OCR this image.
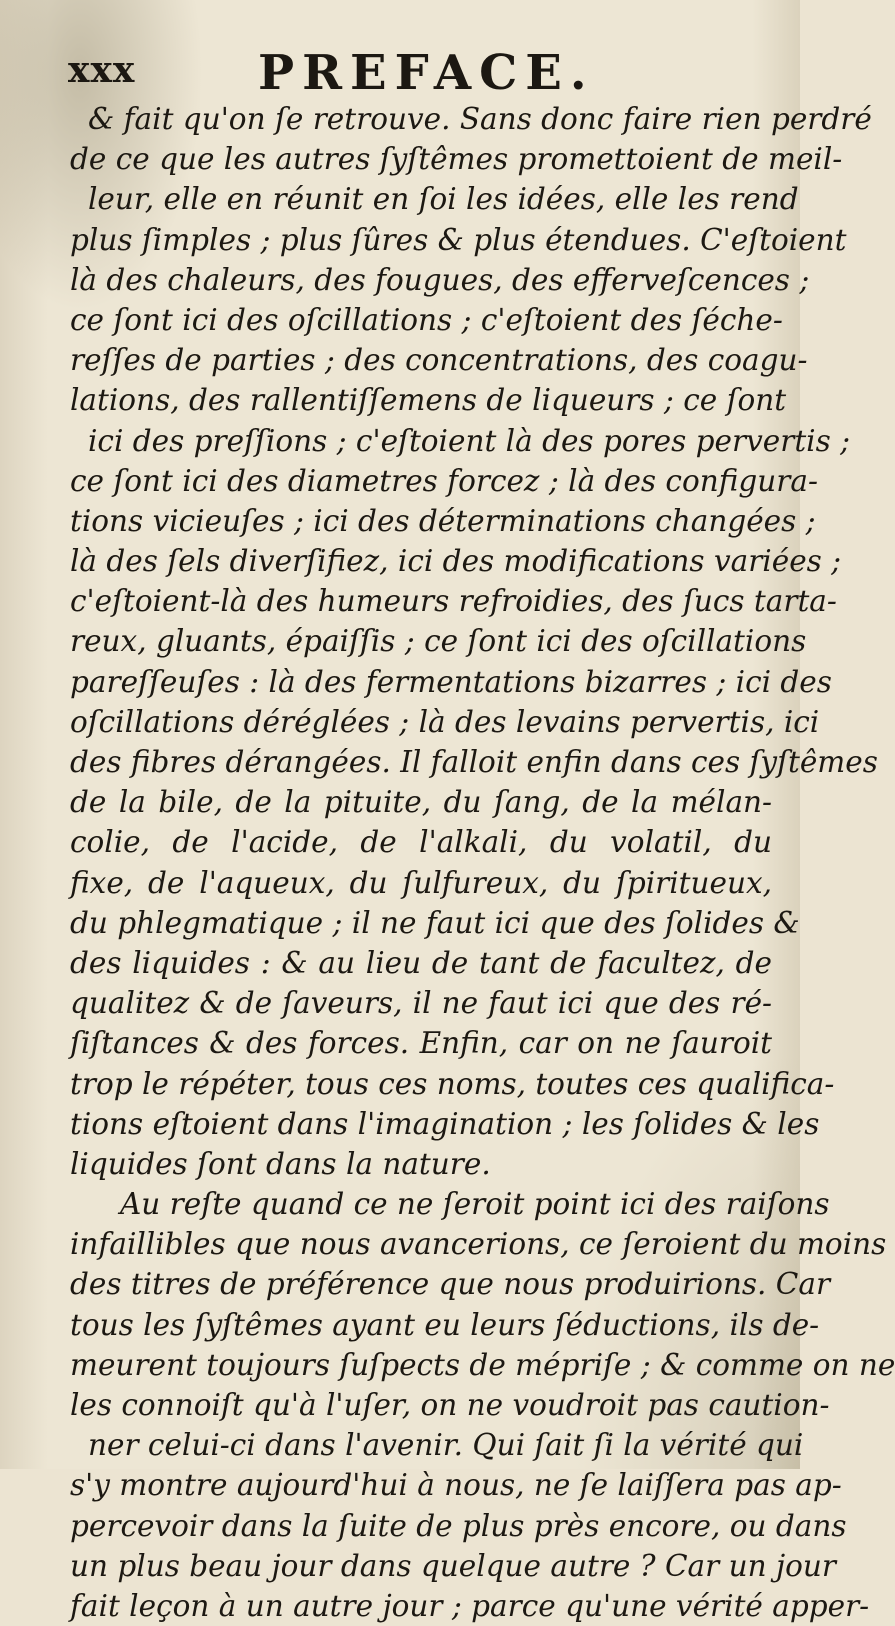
xxx	PREFACE.
& fait qu'on ſe retrouve. Sans donc faire rien perdré
de ce que les autres ſyſtêmes promettoient de meil-
leur, elle en réunit en ſoi les idées, elle les rend
plus ſimples ; plus ſûres & plus étendues. C'eſtoient
là des chaleurs, des fougues, des efferveſcences ;
ce ſont ici des oſcillations ; c'eſtoient des ſéche-
reſſes de parties ; des concentrations, des coagu-
lations, des rallentiſſemens de liqueurs ; ce ſont
ici des preſſions ; c'eſtoient là des pores pervertis ;
ce ſont ici des diametres forcez ; là des configura-
tions vicieuſes ; ici des déterminations changées ;
là des ſels diverſifiez, ici des modifications variées ;
c'eſtoient-là des humeurs refroidies, des ſucs tarta-
reux, gluants, épaiſſis ; ce ſont ici des oſcillations
pareſſeuſes : là des fermentations bizarres ; ici des
oſcillations déréglées ; là des levains pervertis, ici
des fibres dérangées. Il falloit enfin dans ces ſyſtêmes
de la bile, de la pituite, du ſang, de la mélan-
colie, de l'acide, de l'alkali, du volatil, du
fixe, de l'aqueux, du ſulfureux, du ſpiritueux,
du phlegmatique ; il ne faut ici que des ſolides &
des liquides : & au lieu de tant de facultez, de
qualitez & de ſaveurs, il ne faut ici que des ré-
ſiſtances & des forces. Enfin, car on ne ſauroit
trop le répéter, tous ces noms, toutes ces qualifica-
tions eſtoient dans l'imagination ; les ſolides & les
liquides ſont dans la nature.
Au reſte quand ce ne ſeroit point ici des raiſons
infaillibles que nous avancerions, ce ſeroient du moins
des titres de préférence que nous produirions. Car
tous les ſyſtêmes ayant eu leurs ſéductions, ils de-
meurent toujours ſuſpects de mépriſe ; & comme on ne
les connoiſt qu'à l'uſer, on ne voudroit pas caution-
ner celui-ci dans l'avenir. Qui ſait ſi la vérité qui
s'y montre aujourd'hui à nous, ne ſe laiſſera pas ap-
percevoir dans la ſuite de plus près encore, ou dans
un plus beau jour dans quelque autre ? Car un jour
fait leçon à un autre jour ; parce qu'une vérité apper-
